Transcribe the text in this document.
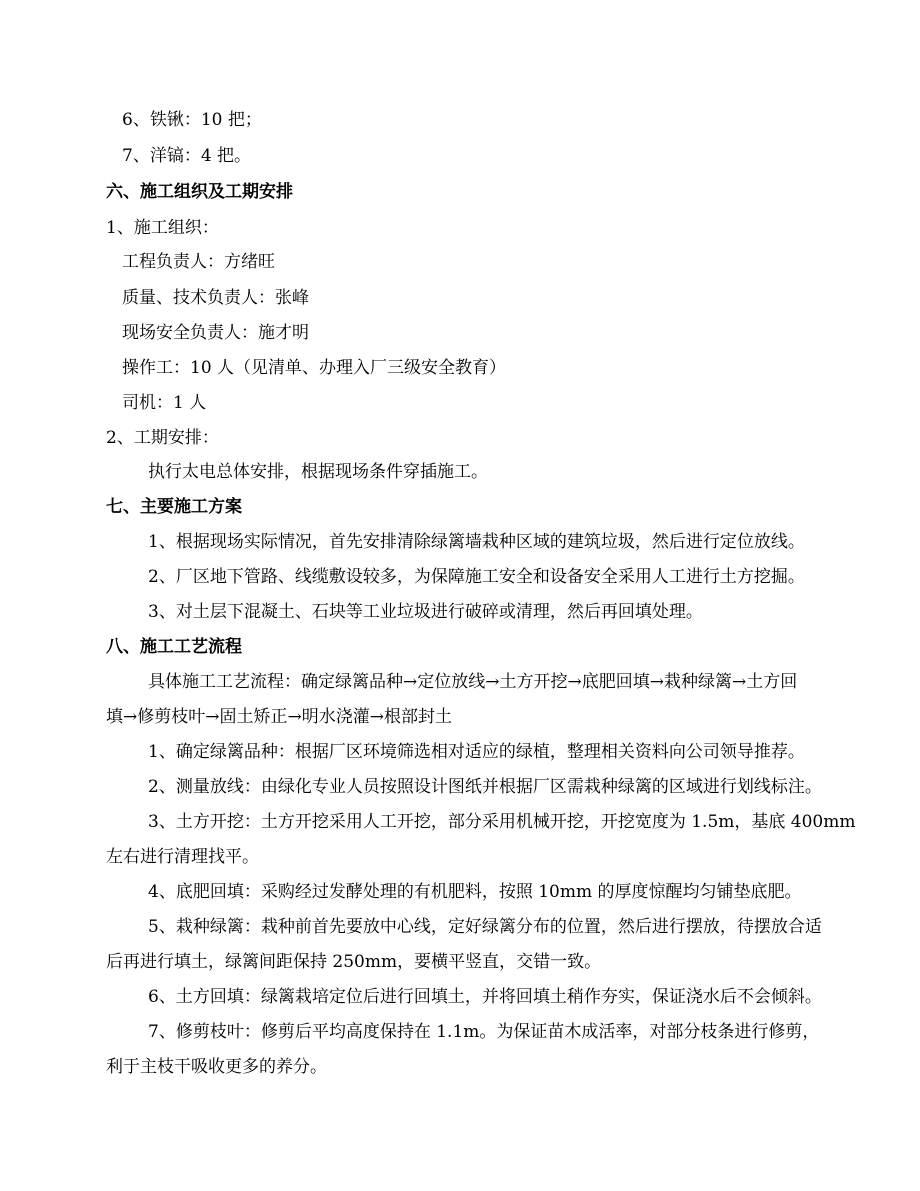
6、铁锹：10 把；
7、洋镐：4 把。
六、施工组织及工期安排
1、施工组织：
工程负责人：方绪旺
质量、技术负责人：张峰
现场安全负责人：施才明
操作工：10 人（见清单、办理入厂三级安全教育）
司机：1 人
2、工期安排：
执行太电总体安排，根据现场条件穿插施工。
七、主要施工方案
1、根据现场实际情况，首先安排清除绿篱墙栽种区域的建筑垃圾，然后进行定位放线。
2、厂区地下管路、线缆敷设较多，为保障施工安全和设备安全采用人工进行土方挖掘。
3、对土层下混凝土、石块等工业垃圾进行破碎或清理，然后再回填处理。
八、施工工艺流程
具体施工工艺流程：确定绿篱品种→定位放线→土方开挖→底肥回填→栽种绿篱→土方回
填→修剪枝叶→固土矫正→明水浇灌→根部封土
1、确定绿篱品种：根据厂区环境筛选相对适应的绿植，整理相关资料向公司领导推荐。
2、测量放线：由绿化专业人员按照设计图纸并根据厂区需栽种绿篱的区域进行划线标注。
3、土方开挖：土方开挖采用人工开挖，部分采用机械开挖，开挖宽度为 1.5m，基底 400mm
左右进行清理找平。
4、底肥回填：采购经过发酵处理的有机肥料，按照 10mm 的厚度惊醒均匀铺垫底肥。
5、栽种绿篱：栽种前首先要放中心线，定好绿篱分布的位置，然后进行摆放，待摆放合适
后再进行填土，绿篱间距保持 250mm，要横平竖直，交错一致。
6、土方回填：绿篱栽培定位后进行回填土，并将回填土稍作夯实，保证浇水后不会倾斜。
7、修剪枝叶：修剪后平均高度保持在 1.1m。为保证苗木成活率，对部分枝条进行修剪，
利于主枝干吸收更多的养分。
